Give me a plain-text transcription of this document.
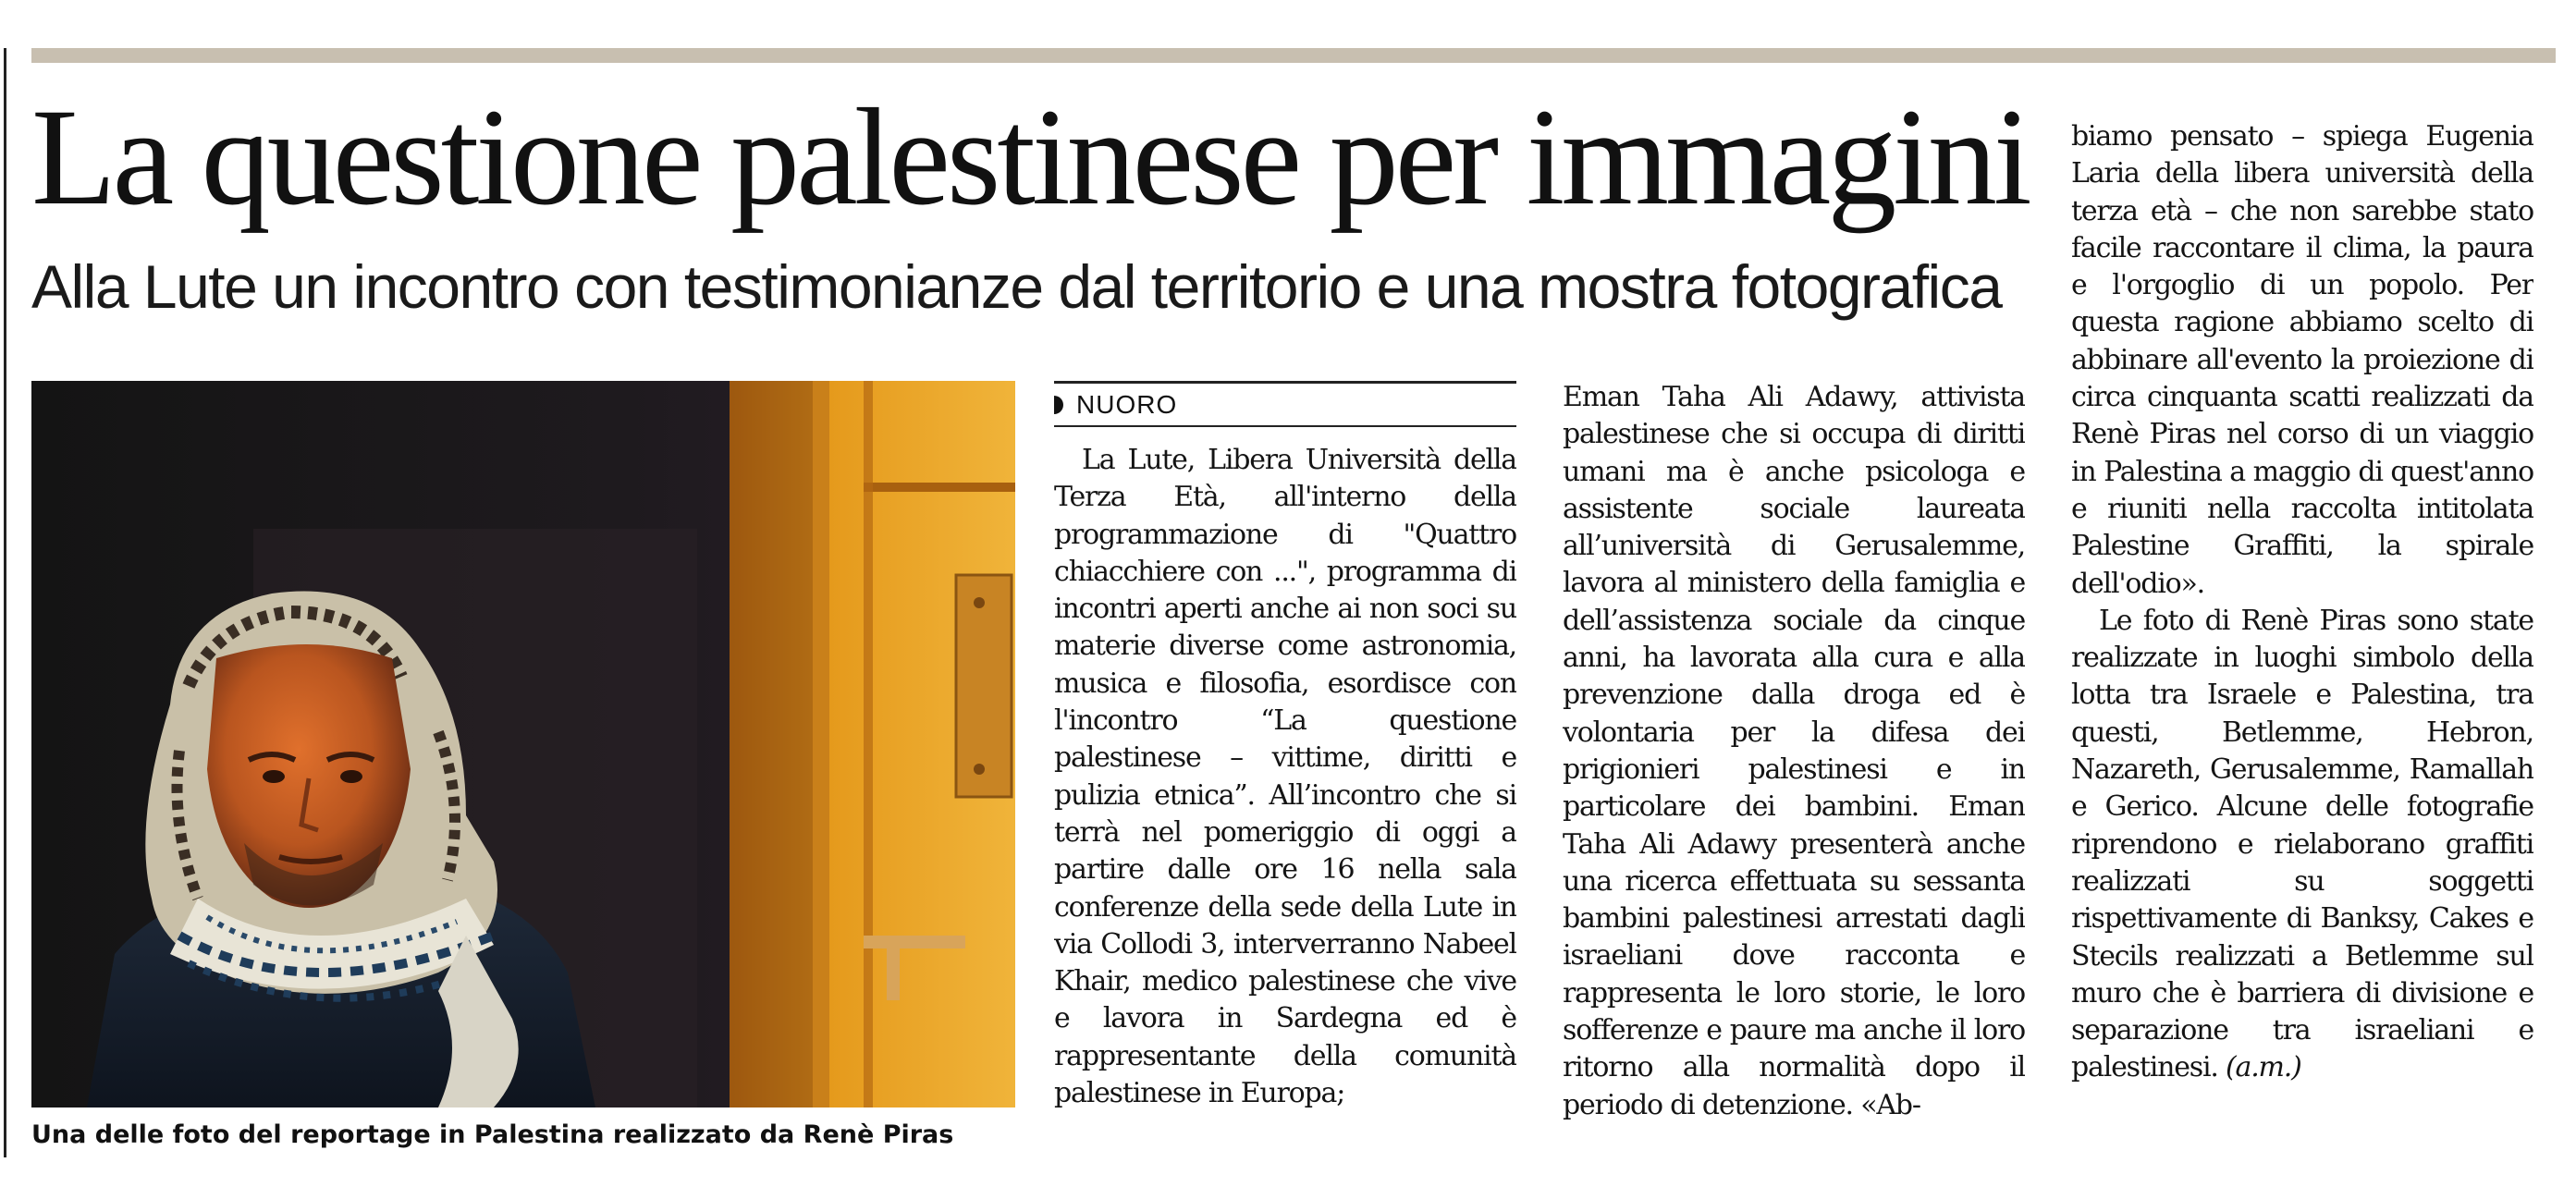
La questione palestinese per immagini
Alla Lute un incontro con testimonianze dal territorio e una mostra fotografica

Una delle foto del reportage in Palestina realizzato da Renè Piras

NUORO

La Lute, Libera Università della Terza Età, all'interno della programmazione di "Quattro chiacchiere con ...", programma di incontri aperti anche ai non soci su materie diverse come astronomia, musica e filosofia, esordisce con l'incontro “La questione palestinese – vittime, diritti e pulizia etnica”. All’incontro che si terrà nel pomeriggio di oggi a partire dalle ore 16 nella sala conferenze della sede della Lute in via Collodi 3, interverranno Nabeel Khair, medico palestinese che vive e lavora in Sardegna ed è rappresentante della comunità palestinese in Europa;

Eman Taha Ali Adawy, attivista palestinese che si occupa di diritti umani ma è anche psicologa e assistente sociale laureata all’università di Gerusalemme, lavora al ministero della famiglia e dell’assistenza sociale da cinque anni, ha lavorata alla cura e alla prevenzione dalla droga ed è volontaria per la difesa dei prigionieri palestinesi e in particolare dei bambini. Eman Taha Ali Adawy presenterà anche una ricerca effettuata su sessanta bambini palestinesi arrestati dagli israeliani dove racconta e rappresenta le loro storie, le loro sofferenze e paure ma anche il loro ritorno alla normalità dopo il periodo di detenzione. «Ab-

biamo pensato – spiega Eugenia Laria della libera università della terza età – che non sarebbe stato facile raccontare il clima, la paura e l'orgoglio di un popolo. Per questa ragione abbiamo scelto di abbinare all'evento la proiezione di circa cinquanta scatti realizzati da Renè Piras nel corso di un viaggio in Palestina a maggio di quest'anno e riuniti nella raccolta intitolata Palestine Graffiti, la spirale dell'odio».

Le foto di Renè Piras sono state realizzate in luoghi simbolo della lotta tra Israele e Palestina, tra questi, Betlemme, Hebron, Nazareth, Gerusalemme, Ramallah e Gerico. Alcune delle fotografie riprendono e rielaborano graffiti realizzati su soggetti rispettivamente di Banksy, Cakes e Stecils realizzati a Betlemme sul muro che è barriera di divisione e separazione tra israeliani e palestinesi. (a.m.)
